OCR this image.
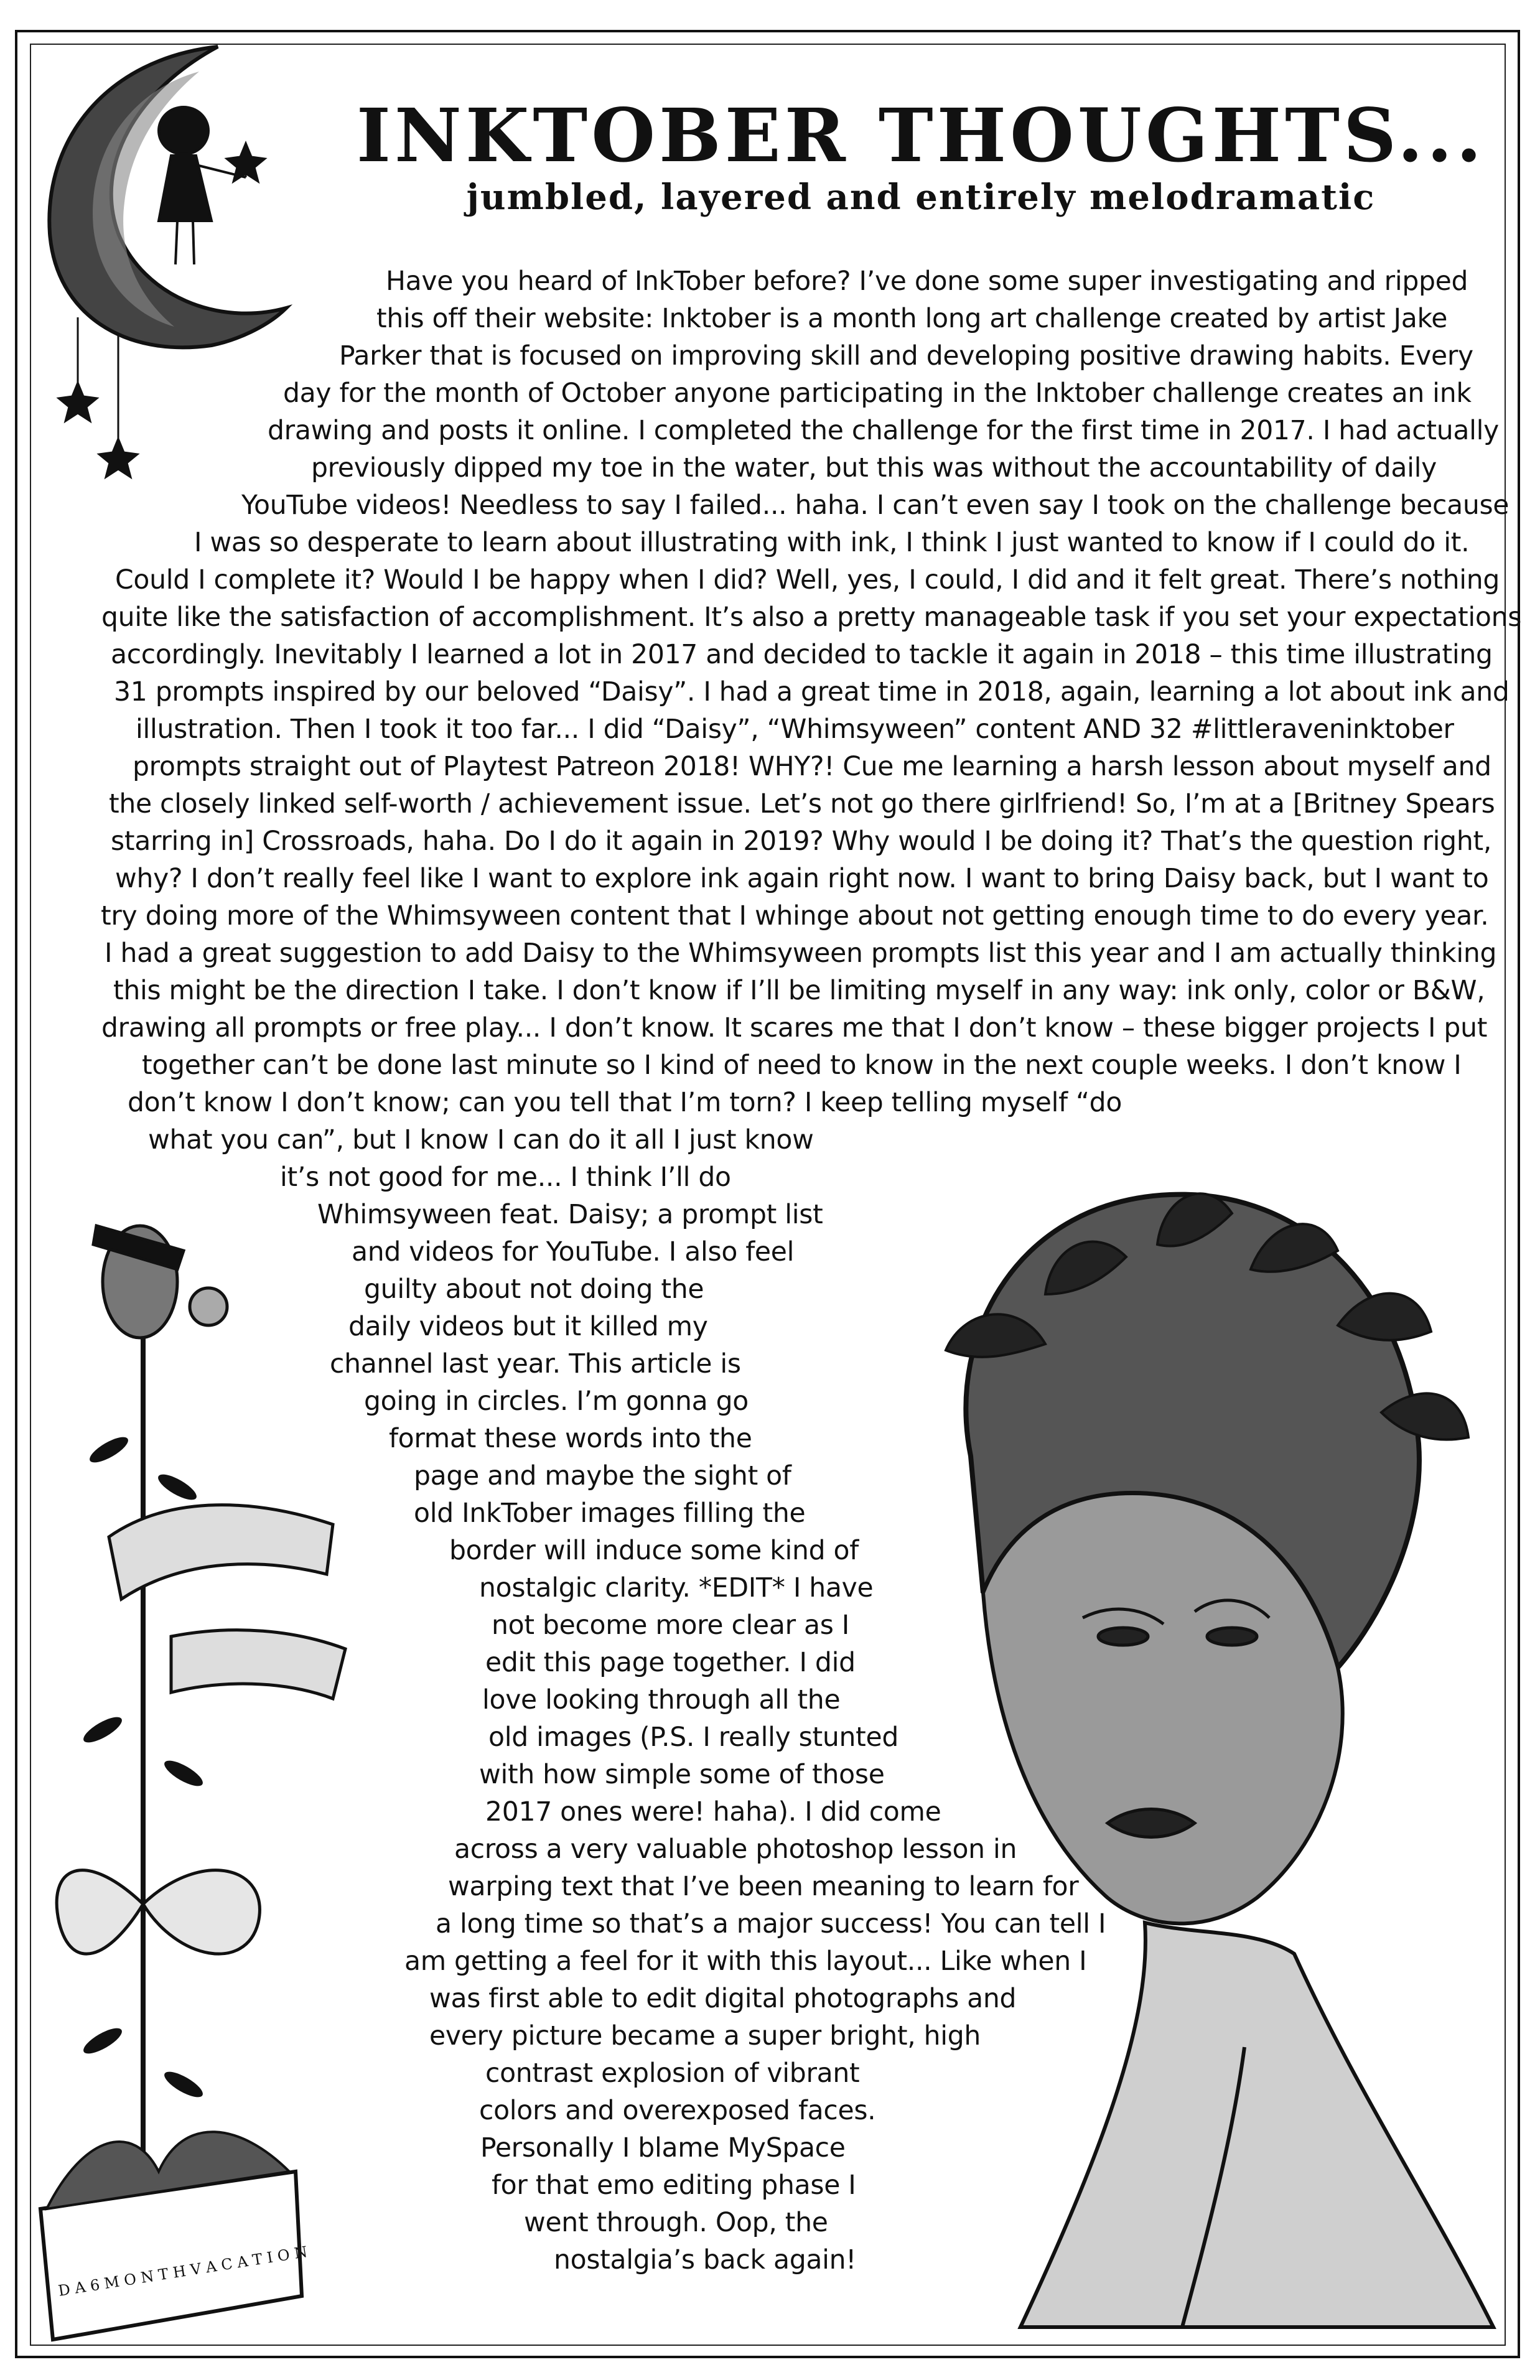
D A 6 M O N T H V A C A T I O N
INKTOBER THOUGHTS...
jumbled, layered and entirely melodramatic
Have you heard of InkTober before? I’ve done some super investigating and ripped
this off their website: Inktober is a month long art challenge created by artist Jake
Parker that is focused on improving skill and developing positive drawing habits. Every
day for the month of October anyone participating in the Inktober challenge creates an ink
drawing and posts it online. I completed the challenge for the first time in 2017. I had actually
previously dipped my toe in the water, but this was without the accountability of daily
YouTube videos! Needless to say I failed... haha. I can’t even say I took on the challenge because
I was so desperate to learn about illustrating with ink, I think I just wanted to know if I could do it.
Could I complete it? Would I be happy when I did? Well, yes, I could, I did and it felt great. There’s nothing
quite like the satisfaction of accomplishment. It’s also a pretty manageable task if you set your expectations
accordingly. Inevitably I learned a lot in 2017 and decided to tackle it again in 2018 – this time illustrating
31 prompts inspired by our beloved “Daisy”. I had a great time in 2018, again, learning a lot about ink and
illustration. Then I took it too far... I did “Daisy”, “Whimsyween” content AND 32 #littleraveninktober
prompts straight out of Playtest Patreon 2018! WHY?! Cue me learning a harsh lesson about myself and
the closely linked self-worth / achievement issue. Let’s not go there girlfriend! So, I’m at a [Britney Spears
starring in] Crossroads, haha. Do I do it again in 2019? Why would I be doing it? That’s the question right,
why? I don’t really feel like I want to explore ink again right now. I want to bring Daisy back, but I want to
try doing more of the Whimsyween content that I whinge about not getting enough time to do every year.
I had a great suggestion to add Daisy to the Whimsyween prompts list this year and I am actually thinking
this might be the direction I take. I don’t know if I’ll be limiting myself in any way: ink only, color or B&W,
drawing all prompts or free play... I don’t know. It scares me that I don’t know – these bigger projects I put
together can’t be done last minute so I kind of need to know in the next couple weeks. I don’t know I
don’t know I don’t know; can you tell that I’m torn? I keep telling myself “do
what you can”, but I know I can do it all I just know
it’s not good for me... I think I’ll do
Whimsyween feat. Daisy; a prompt list
and videos for YouTube. I also feel
guilty about not doing the
daily videos but it killed my
channel last year. This article is
going in circles. I’m gonna go
format these words into the
page and maybe the sight of
old InkTober images filling the
border will induce some kind of
nostalgic clarity. *EDIT* I have
not become more clear as I
edit this page together. I did
love looking through all the
old images (P.S. I really stunted
with how simple some of those
2017 ones were! haha). I did come
across a very valuable photoshop lesson in
warping text that I’ve been meaning to learn for
a long time so that’s a major success! You can tell I
am getting a feel for it with this layout... Like when I
was first able to edit digital photographs and
every picture became a super bright, high
contrast explosion of vibrant
colors and overexposed faces.
Personally I blame MySpace
for that emo editing phase I
went through. Oop, the
nostalgia’s back again!
